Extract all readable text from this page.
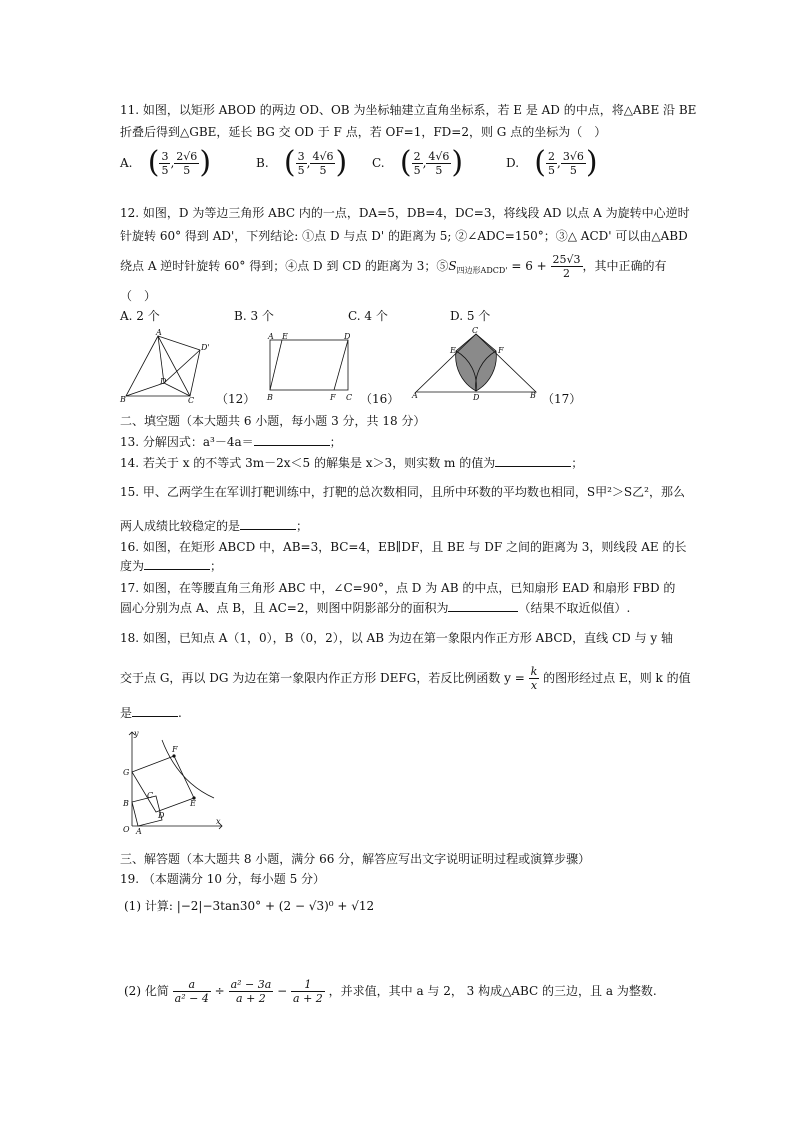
11. 如图，以矩形 ABOD 的两边 OD、OB 为坐标轴建立直角坐标系，若 E 是 AD 的中点，将△ABE 沿 BE
折叠后得到△GBE，延长 BG 交 OD 于 F 点，若 OF=1，FD=2，则 G 点的坐标为（　）
A.
( $\frac{3}{5}$ , $\frac{2√6}{5}$ )	B.
( $\frac{3}{5}$ , $\frac{4√6}{5}$ ) C.
( $\frac{2}{5}$ , $\frac{4√6}{5}$ )	D.
( $\frac{2}{5}$ , $\frac{3√6}{5}$ )
12. 如图，D 为等边三角形 ABC 内的一点，DA=5，DB=4，DC=3，将线段 AD 以点 A 为旋转中心逆时
针旋转 60° 得到 AD'，下列结论: ①点 D 与点 D' 的距离为 5; ②∠ADC=150°；③△ ACD' 可以由△ABD
绕点 A 逆时针旋转 60° 得到；④点 D 到 CD 的距离为 3；$⑤S_{四边形ADCD'} = 6 + \frac{25√3}{2}$ ，其中正确的有
（　）
A. 2 个	B. 3 个	C. 4 个	D. 5 个
A
D'
D
B	C （12）
A E	D
B	F C （16）
C
E	F
A	D	B （17）
二、填空题（本大题共 6 小题，每小题 3 分，共 18 分）
13. 分解因式：a³－4a＝	；
14. 若关于 x 的不等式 3m－2x＜5 的解集是 x＞3，则实数 m 的值为	；
15. 甲、乙两学生在军训打靶训练中，打靶的总次数相同，且所中环数的平均数也相同，S甲²＞S乙²，那么
两人成绩比较稳定的是	；
16. 如图，在矩形 ABCD 中，AB=3，BC=4，EB∥DF，且 BE 与 DF 之间的距离为 3，则线段 AE 的长
度为	；
17. 如图，在等腰直角三角形 ABC 中，∠C=90°，点 D 为 AB 的中点，已知扇形 EAD 和扇形 FBD 的
圆心分别为点 A、点 B，且 AC=2，则图中阴影部分的面积为	（结果不取近似值）.
18. 如图，已知点 A（1，0），B（0，2），以 AB 为边在第一象限内作正方形 ABCD，直线 CD 与 y 轴
交于点 G，再以 DG 为边在第一象限内作正方形 DEFG，若反比例函数 $y = \frac{k}{x}$ 的图形经过点 E，则 k 的值
是	.
y
F
G
E
C
B
D
O A
x
三、解答题（本大题共 8 小题，满分 66 分，解答应写出文字说明证明过程或演算步骤）
19. （本题满分 10 分，每小题 5 分）
(1) 计算: |−2|−3tan30° + (2 − √3)⁰ + √12
(2) 化简 $\frac{a}{\text{a² − 4}} \div \frac{\text{a² − 3a}}{a + 2} - \frac{1}{a + 2}$ ，并求值，其中 a 与 2， 3 构成△ABC 的三边，且 a 为整数.
